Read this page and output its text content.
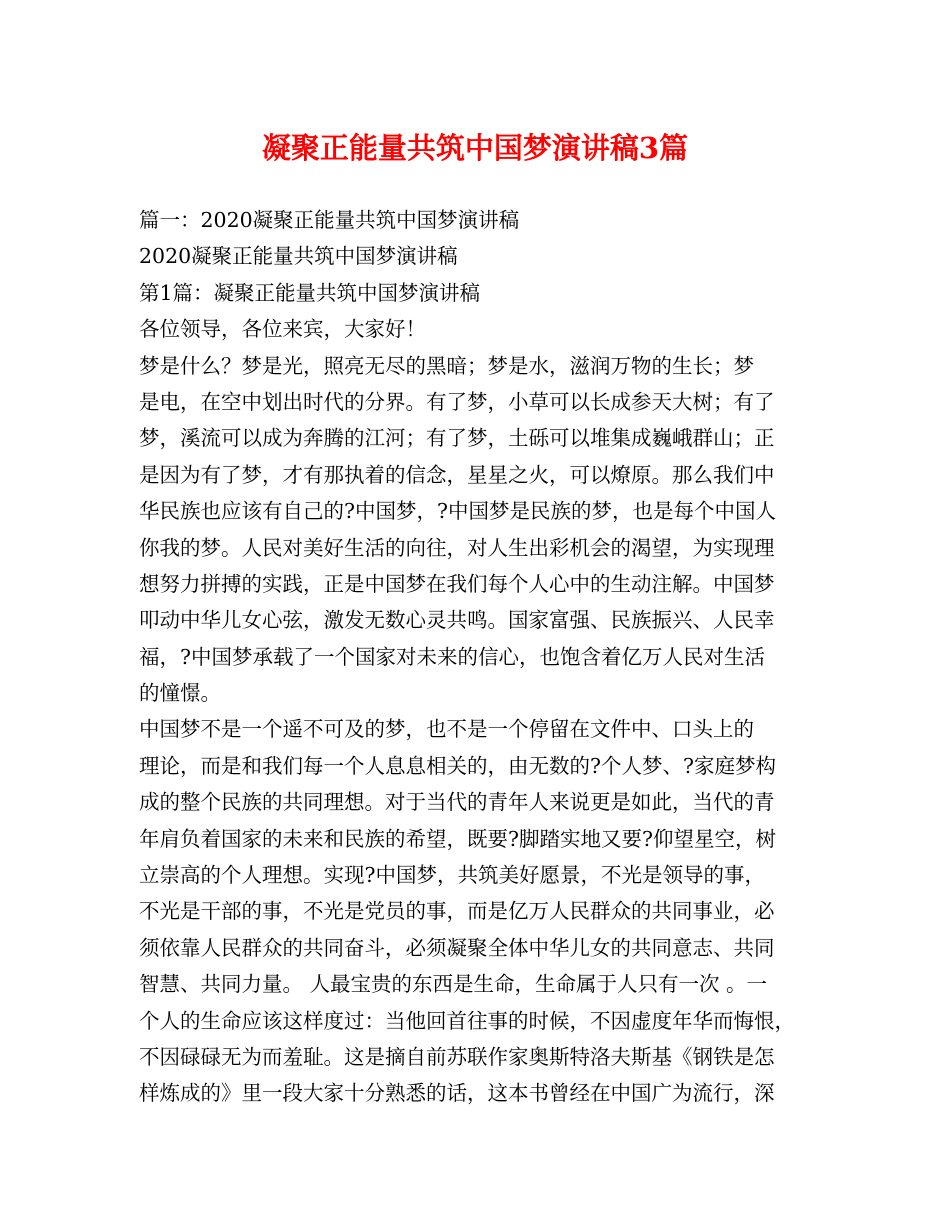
凝聚正能量共筑中国梦演讲稿3篇
篇一：2020凝聚正能量共筑中国梦演讲稿
2020凝聚正能量共筑中国梦演讲稿
第1篇：凝聚正能量共筑中国梦演讲稿
各位领导，各位来宾，大家好！
梦是什么？梦是光，照亮无尽的黑暗；梦是水，滋润万物的生长；梦
是电，在空中划出时代的分界。有了梦，小草可以长成参天大树；有了
梦，溪流可以成为奔腾的江河；有了梦，土砾可以堆集成巍峨群山；正
是因为有了梦，才有那执着的信念，星星之火，可以燎原。那么我们中
华民族也应该有自己的?中国梦，?中国梦是民族的梦，也是每个中国人
你我的梦。人民对美好生活的向往，对人生出彩机会的渴望，为实现理
想努力拼搏的实践，正是中国梦在我们每个人心中的生动注解。中国梦
叩动中华儿女心弦，激发无数心灵共鸣。国家富强、民族振兴、人民幸
福，?中国梦承载了一个国家对未来的信心，也饱含着亿万人民对生活
的憧憬。
中国梦不是一个遥不可及的梦，也不是一个停留在文件中、口头上的
理论，而是和我们每一个人息息相关的，由无数的?个人梦、?家庭梦构
成的整个民族的共同理想。对于当代的青年人来说更是如此，当代的青
年肩负着国家的未来和民族的希望，既要?脚踏实地又要?仰望星空，树
立崇高的个人理想。实现?中国梦，共筑美好愿景，不光是领导的事，
不光是干部的事，不光是党员的事，而是亿万人民群众的共同事业，必
须依靠人民群众的共同奋斗，必须凝聚全体中华儿女的共同意志、共同
智慧、共同力量。 人最宝贵的东西是生命，生命属于人只有一次 。一
个人的生命应该这样度过：当他回首往事的时候，不因虚度年华而悔恨，
不因碌碌无为而羞耻。这是摘自前苏联作家奥斯特洛夫斯基《钢铁是怎
样炼成的》里一段大家十分熟悉的话，这本书曾经在中国广为流行，深
